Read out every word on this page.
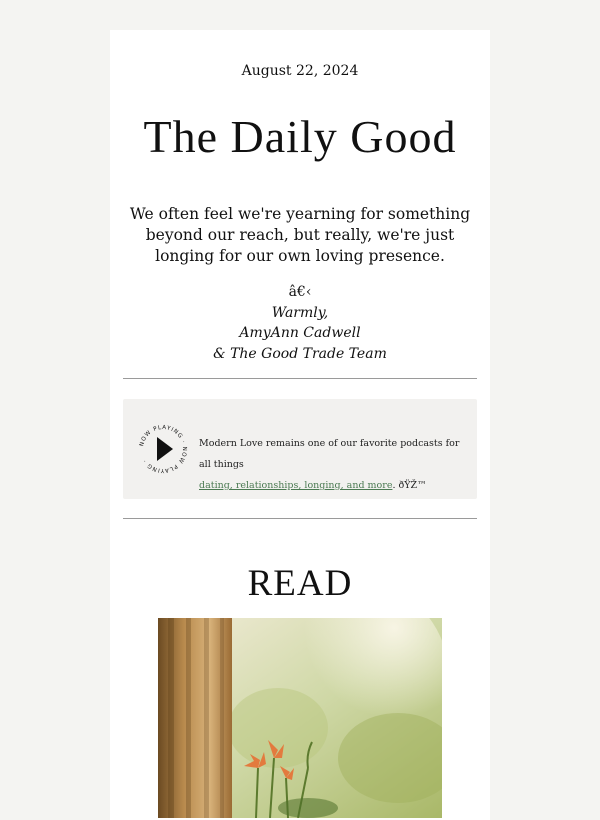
August 22, 2024
The Daily Good
We often feel we're yearning for something beyond our reach, but really, we're just longing for our own loving presence.
â€‹
Warmly,
AmyAnn Cadwell
& The Good Trade Team
NOW PLAYING · NOW PLAYING ·
Modern Love remains one of our favorite podcasts for all things
dating, relationships, longing, and more. ðŸŽ™
READ
